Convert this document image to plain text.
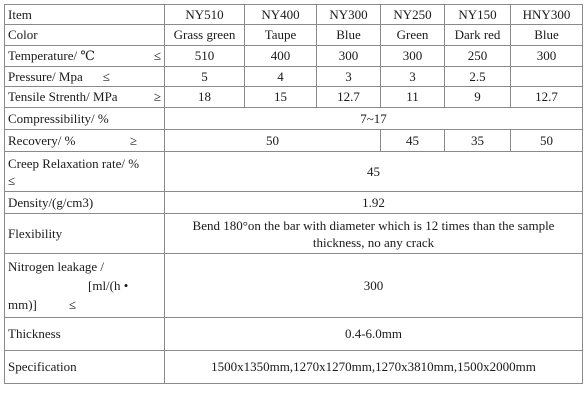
Item	NY510	NY400	NY300	NY250	NY150	HNY300
Color	Grass green	Taupe	Blue	Green	Dark red	Blue

Temperature/ ℃ ≤	510	400	300	300	250	300

Pressure/ Mpa ≤	5	4	3	3	2.5	

Tensile Strenth/ MPa ≥	18	15	12.7	11	9	12.7
Compressibility/ %	7~17					

Recovery/ % ≥	50			45	35	50

Creep Relaxation rate/ %
≤	45					
Density/(g/cm3)	1.92					
Flexibility	Bend 180°on the bar with diameter which is 12 times than the sample thickness, no any crack					

Nitrogen leakage /
[ml/(h •
mm)] ≤	300					
Thickness	0.4-6.0mm					
Specification	1500x1350mm,1270x1270mm,1270x3810mm,1500x2000mm					
